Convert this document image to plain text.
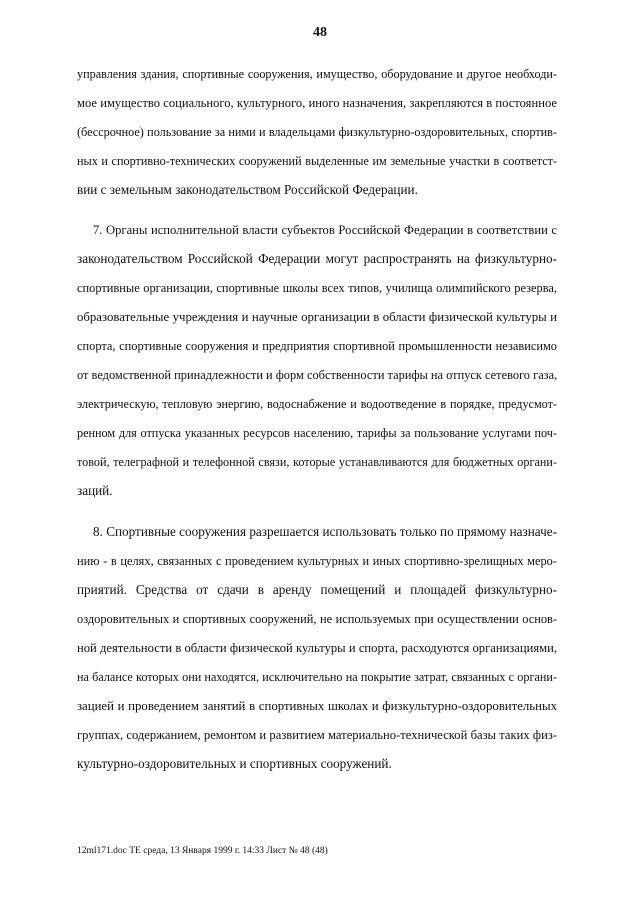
48
управления здания, спортивные сооружения, имущество, оборудование и другое необходи-
мое имущество социального, культурного, иного назначения, закрепляются в постоянное
(бессрочное) пользование за ними и владельцами физкультурно-оздоровительных, спортив-
ных и спортивно-технических сооружений выделенные им земельные участки в соответст-
вии с земельным законодательством Российской Федерации.
7. Органы исполнительной власти субъектов Российской Федерации в соответствии с
законодательством Российской Федерации могут распространять на физкультурно-
спортивные организации, спортивные школы всех типов, училища олимпийского резерва,
образовательные учреждения и научные организации в области физической культуры и
спорта, спортивные сооружения и предприятия спортивной промышленности независимо
от ведомственной принадлежности и форм собственности тарифы на отпуск сетевого газа,
электрическую, тепловую энергию, водоснабжение и водоотведение в порядке, предусмот-
ренном для отпуска указанных ресурсов населению, тарифы за пользование услугами поч-
товой, телеграфной и телефонной связи, которые устанавливаются для бюджетных органи-
заций.
8. Спортивные сооружения разрешается использовать только по прямому назначе-
нию - в целях, связанных с проведением культурных и иных спортивно-зрелищных меро-
приятий. Средства от сдачи в аренду помещений и площадей физкультурно-
оздоровительных и спортивных сооружений, не используемых при осуществлении основ-
ной деятельности в области физической культуры и спорта, расходуются организациями,
на балансе которых они находятся, исключительно на покрытие затрат, связанных с органи-
зацией и проведением занятий в спортивных школах и физкультурно-оздоровительных
группах, содержанием, ремонтом и развитием материально-технической базы таких физ-
культурно-оздоровительных и спортивных сооружений.
12ml171.doc ТЕ среда, 13 Января 1999 г. 14:33 Лист № 48 (48)
